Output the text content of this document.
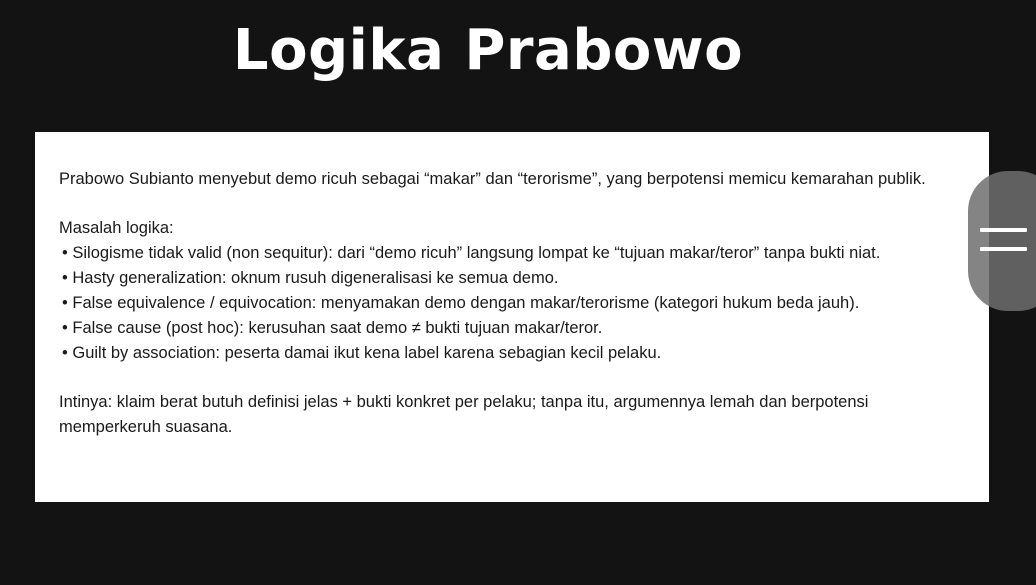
Logika Prabowo

Prabowo Subianto menyebut demo ricuh sebagai “makar” dan “terorisme”, yang berpotensi memicu kemarahan publik.

Masalah logika:

• Silogisme tidak valid (non sequitur): dari “demo ricuh” langsung lompat ke “tujuan makar/teror” tanpa bukti niat.
• Hasty generalization: oknum rusuh digeneralisasi ke semua demo.
• False equivalence / equivocation: menyamakan demo dengan makar/terorisme (kategori hukum beda jauh).
• False cause (post hoc): kerusuhan saat demo ≠ bukti tujuan makar/teror.
• Guilt by association: peserta damai ikut kena label karena sebagian kecil pelaku.

Intinya: klaim berat butuh definisi jelas + bukti konkret per pelaku; tanpa itu, argumennya lemah dan berpotensi memperkeruh suasana.
